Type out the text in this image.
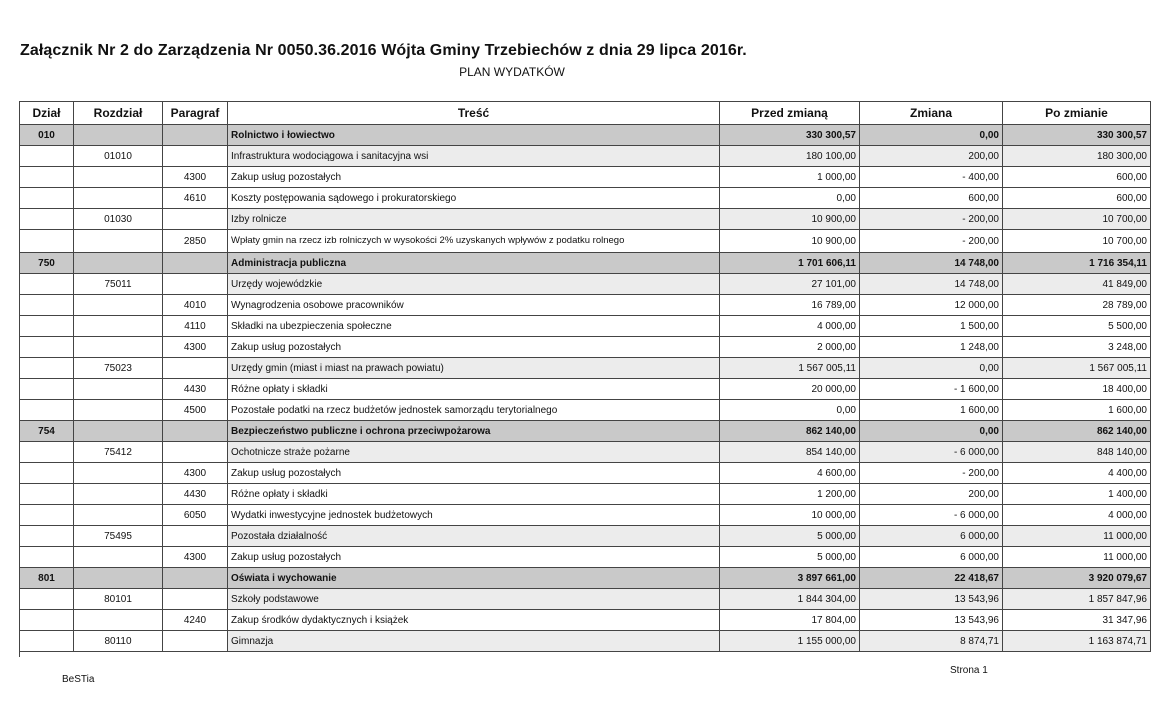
Załącznik Nr 2 do Zarządzenia Nr 0050.36.2016 Wójta Gminy Trzebiechów z dnia 29 lipca 2016r.
PLAN WYDATKÓW
Dział	Rozdział	Paragraf	Treść	Przed zmianą	Zmiana	Po zmianie
010			Rolnictwo i łowiectwo	330 300,57	0,00	330 300,57
	01010		Infrastruktura wodociągowa i sanitacyjna wsi	180 100,00	200,00	180 300,00
		4300	Zakup usług pozostałych	1 000,00	- 400,00	600,00
		4610	Koszty postępowania sądowego i prokuratorskiego	0,00	600,00	600,00
	01030		Izby rolnicze	10 900,00	- 200,00	10 700,00
		2850	Wpłaty gmin na rzecz izb rolniczych w wysokości 2% uzyskanych wpływów z podatku rolnego	10 900,00	- 200,00	10 700,00
750			Administracja publiczna	1 701 606,11	14 748,00	1 716 354,11
	75011		Urzędy wojewódzkie	27 101,00	14 748,00	41 849,00
		4010	Wynagrodzenia osobowe pracowników	16 789,00	12 000,00	28 789,00
		4110	Składki na ubezpieczenia społeczne	4 000,00	1 500,00	5 500,00
		4300	Zakup usług pozostałych	2 000,00	1 248,00	3 248,00
	75023		Urzędy gmin (miast i miast na prawach powiatu)	1 567 005,11	0,00	1 567 005,11
		4430	Różne opłaty i składki	20 000,00	- 1 600,00	18 400,00
		4500	Pozostałe podatki na rzecz budżetów jednostek samorządu terytorialnego	0,00	1 600,00	1 600,00
754			Bezpieczeństwo publiczne i ochrona przeciwpożarowa	862 140,00	0,00	862 140,00
	75412		Ochotnicze straże pożarne	854 140,00	- 6 000,00	848 140,00
		4300	Zakup usług pozostałych	4 600,00	- 200,00	4 400,00
		4430	Różne opłaty i składki	1 200,00	200,00	1 400,00
		6050	Wydatki inwestycyjne jednostek budżetowych	10 000,00	- 6 000,00	4 000,00
	75495		Pozostała działalność	5 000,00	6 000,00	11 000,00
		4300	Zakup usług pozostałych	5 000,00	6 000,00	11 000,00
801			Oświata i wychowanie	3 897 661,00	22 418,67	3 920 079,67
	80101		Szkoły podstawowe	1 844 304,00	13 543,96	1 857 847,96
		4240	Zakup środków dydaktycznych i książek	17 804,00	13 543,96	31 347,96
	80110		Gimnazja	1 155 000,00	8 874,71	1 163 874,71
BeSTia
Strona 1
